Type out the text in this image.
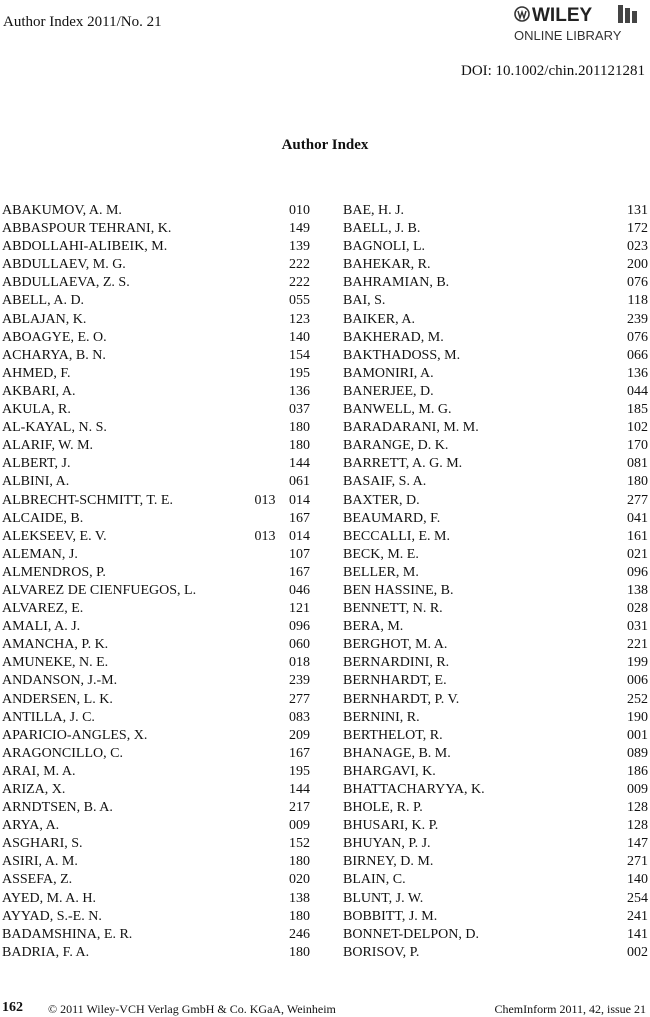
Author Index 2011/No. 21	WILEY
ONLINE LIBRARY
DOI: 10.1002/chin.201121281
Author Index
ABAKUMOV, A. M.	010
ABBASPOUR TEHRANI, K.	149
ABDOLLAHI-ALIBEIK, M.	139
ABDULLAEV, M. G.	222
ABDULLAEVA, Z. S.	222
ABELL, A. D.	055
ABLAJAN, K.	123
ABOAGYE, E. O.	140
ACHARYA, B. N.	154
AHMED, F.	195
AKBARI, A.	136
AKULA, R.	037
AL-KAYAL, N. S.	180
ALARIF, W. M.	180
ALBERT, J.	144
ALBINI, A.	061
ALBRECHT-SCHMITT, T. E.	013 014
ALCAIDE, B.	167
ALEKSEEV, E. V.	013 014
ALEMAN, J.	107
ALMENDROS, P.	167
ALVAREZ DE CIENFUEGOS, L.	046
ALVAREZ, E.	121
AMALI, A. J.	096
AMANCHA, P. K.	060
AMUNEKE, N. E.	018
ANDANSON, J.-M.	239
ANDERSEN, L. K.	277
ANTILLA, J. C.	083
APARICIO-ANGLES, X.	209
ARAGONCILLO, C.	167
ARAI, M. A.	195
ARIZA, X.	144
ARNDTSEN, B. A.	217
ARYA, A.	009
ASGHARI, S.	152
ASIRI, A. M.	180
ASSEFA, Z.	020
AYED, M. A. H.	138
AYYAD, S.-E. N.	180
BADAMSHINA, E. R.	246
BADRIA, F. A.	180
BAE, H. J.	131
BAELL, J. B.	172
BAGNOLI, L.	023
BAHEKAR, R.	200
BAHRAMIAN, B.	076
BAI, S.	118
BAIKER, A.	239
BAKHERAD, M.	076
BAKTHADOSS, M.	066
BAMONIRI, A.	136
BANERJEE, D.	044
BANWELL, M. G.	185
BARADARANI, M. M.	102
BARANGE, D. K.	170
BARRETT, A. G. M.	081
BASAIF, S. A.	180
BAXTER, D.	277
BEAUMARD, F.	041
BECCALLI, E. M.	161
BECK, M. E.	021
BELLER, M.	096
BEN HASSINE, B.	138
BENNETT, N. R.	028
BERA, M.	031
BERGHOT, M. A.	221
BERNARDINI, R.	199
BERNHARDT, E.	006
BERNHARDT, P. V.	252
BERNINI, R.	190
BERTHELOT, R.	001
BHANAGE, B. M.	089
BHARGAVI, K.	186
BHATTACHARYYA, K.	009
BHOLE, R. P.	128
BHUSARI, K. P.	128
BHUYAN, P. J.	147
BIRNEY, D. M.	271
BLAIN, C.	140
BLUNT, J. W.	254
BOBBITT, J. M.	241
BONNET-DELPON, D.	141
BORISOV, P.	002
162 © 2011 Wiley-VCH Verlag GmbH & Co. KGaA, Weinheim	ChemInform 2011, 42, issue 21
